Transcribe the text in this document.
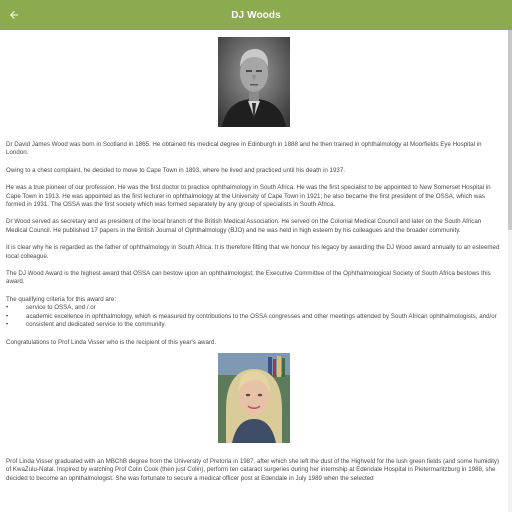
DJ Woods

Dr David James Wood was born in Scotland in 1865. He obtained his medical degree in Edinburgh in 1888 and he then trained in ophthalmology at Moorfields Eye Hospital in London.

Owing to a chest complaint, he decided to move to Cape Town in 1893, where he lived and practiced until his death in 1937.

He was a true pioneer of our profession. He was the first doctor to practice ophthalmology in South Africa. He was the first specialist to be appointed to New Somerset Hospital in Cape Town in 1913. He was appointed as the first lecturer in ophthalmology at the University of Cape Town in 1921; he also became the first president of the OSSA, which was formed in 1931. The OSSA was the first society which was formed separately by any group of specialists in South Africa.

Dr Wood served as secretary and as president of the local branch of the British Medical Association. He served on the Colonial Medical Council and later on the South African Medical Council. He published 17 papers in the British Journal of Ophthalmology (BJO) and he was held in high esteem by his colleagues and the broader community.

It is clear why he is regarded as the father of ophthalmology in South Africa. It is therefore fitting that we honour his legacy by awarding the DJ Wood award annually to an esteemed local colleague.

The DJ Wood Award is the highest award that OSSA can bestow upon an ophthalmologist; the Executive Committee of the Ophthalmological Society of South Africa bestows this award.

The qualifying criteria for this award are:

•	service to OSSA, and / or
•	academic excellence in ophthalmology, which is measured by contributions to the OSSA congresses and other meetings attended by South African ophthalmologists, and/or
•	consistent and dedicated service to the community.

Congratulations to Prof Linda Visser who is the recipient of this year's award.

Prof Linda Visser graduated with an MBChB degree from the University of Pretoria in 1987, after which she left the dust of the Highveld for the lush green fields (and some humidity) of KwaZulu-Natal. Inspired by watching Prof Colin Cook (then just Colin), perform ten cataract surgeries during her internship at Edendale Hospital in Pietermaritzburg in 1988, she decided to become an ophthalmologist. She was fortunate to secure a medical officer post at Edendale in July 1989 when the selected
